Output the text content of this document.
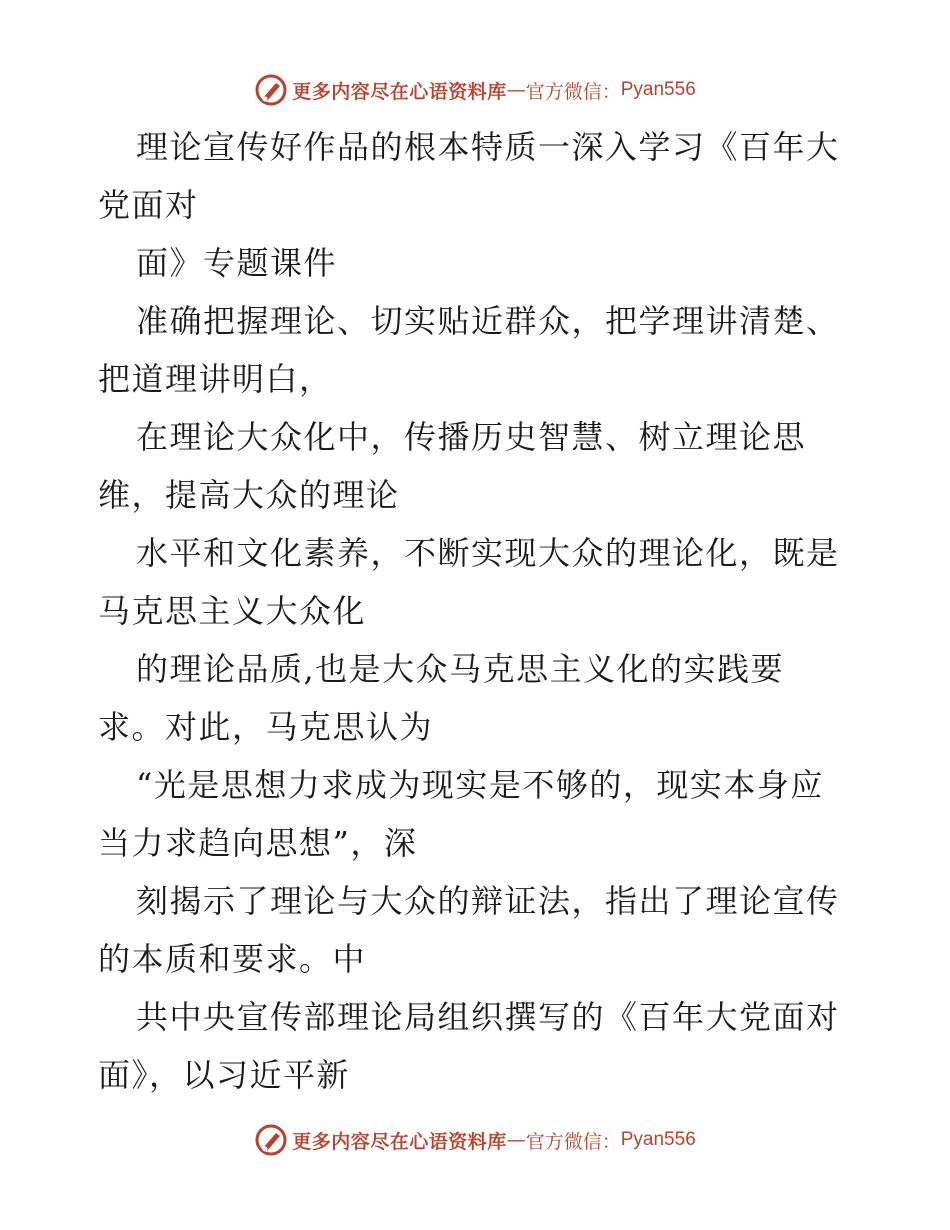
更多内容尽在心语资料库 — 官方微信： Pyan556

理论宣传好作品的根本特质一深入学习《百年大
党面对

面》专题课件

准确把握理论、切实贴近群众，把学理讲清楚、
把道理讲明白，

在理论大众化中，传播历史智慧、树立理论思
维，提高大众的理论

水平和文化素养，不断实现大众的理论化，既是
马克思主义大众化

的理论品质,也是大众马克思主义化的实践要
求。对此，马克思认为

“光是思想力求成为现实是不够的，现实本身应
当力求趋向思想”，深

刻揭示了理论与大众的辩证法，指出了理论宣传
的本质和要求。中

共中央宣传部理论局组织撰写的《百年大党面对
面》，以习近平新

更多内容尽在心语资料库 — 官方微信： Pyan556
